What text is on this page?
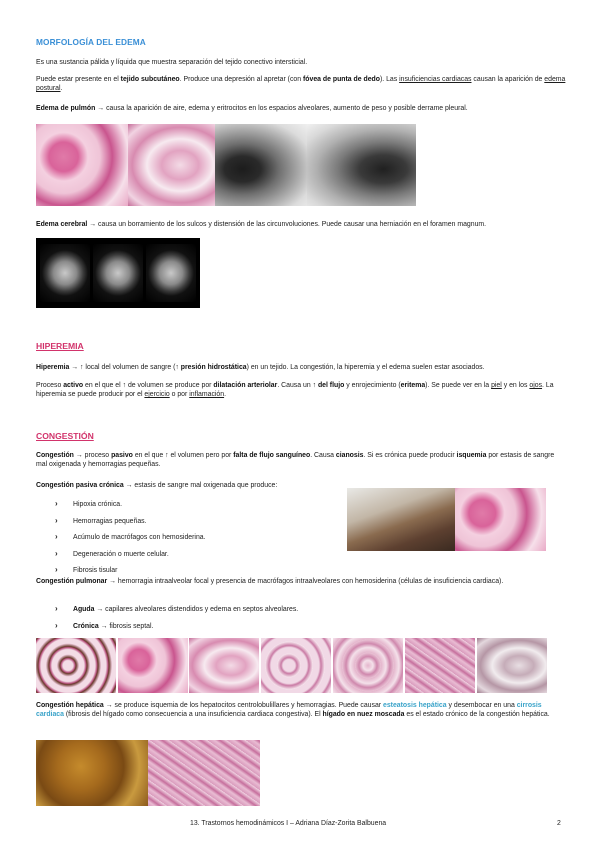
MORFOLOGÍA DEL EDEMA
Es una sustancia pálida y líquida que muestra separación del tejido conectivo intersticial.
Puede estar presente en el tejido subcutáneo. Produce una depresión al apretar (con fóvea de punta de dedo). Las insuficiencias cardiacas causan la aparición de edema postural.
Edema de pulmón → causa la aparición de aire, edema y eritrocitos en los espacios alveolares, aumento de peso y posible derrame pleural.
Edema cerebral → causa un borramiento de los sulcos y distensión de las circunvoluciones. Puede causar una herniación en el foramen magnum.
HIPEREMIA
Hiperemia → ↑ local del volumen de sangre (↑ presión hidrostática) en un tejido. La congestión, la hiperemia y el edema suelen estar asociados.
Proceso activo en el que el ↑ de volumen se produce por dilatación arteriolar. Causa un ↑ del flujo y enrojecimiento (eritema). Se puede ver en la piel y en los ojos. La hiperemia se puede producir por el ejercicio o por inflamación.
CONGESTIÓN
Congestión → proceso pasivo en el que ↑ el volumen pero por falta de flujo sanguíneo. Causa cianosis. Si es crónica puede producir isquemia por estasis de sangre mal oxigenada y hemorragias pequeñas.
Congestión pasiva crónica → estasis de sangre mal oxigenada que produce:
› Hipoxia crónica.
› Hemorragias pequeñas.
› Acúmulo de macrófagos con hemosiderina.
› Degeneración o muerte celular.
› Fibrosis tisular
Congestión pulmonar → hemorragia intraalveolar focal y presencia de macrófagos intraalveolares con hemosiderina (células de insuficiencia cardiaca).
› Aguda → capilares alveolares distendidos y edema en septos alveolares.
› Crónica → fibrosis septal.
Congestión hepática → se produce isquemia de los hepatocitos centrolobulillares y hemorragias. Puede causar esteatosis hepática y desembocar en una cirrosis cardiaca (fibrosis del hígado como consecuencia a una insuficiencia cardiaca congestiva). El hígado en nuez moscada es el estado crónico de la congestión hepática.
13. Trastornos hemodinámicos I – Adriana Díaz-Zorita Balbuena	2
